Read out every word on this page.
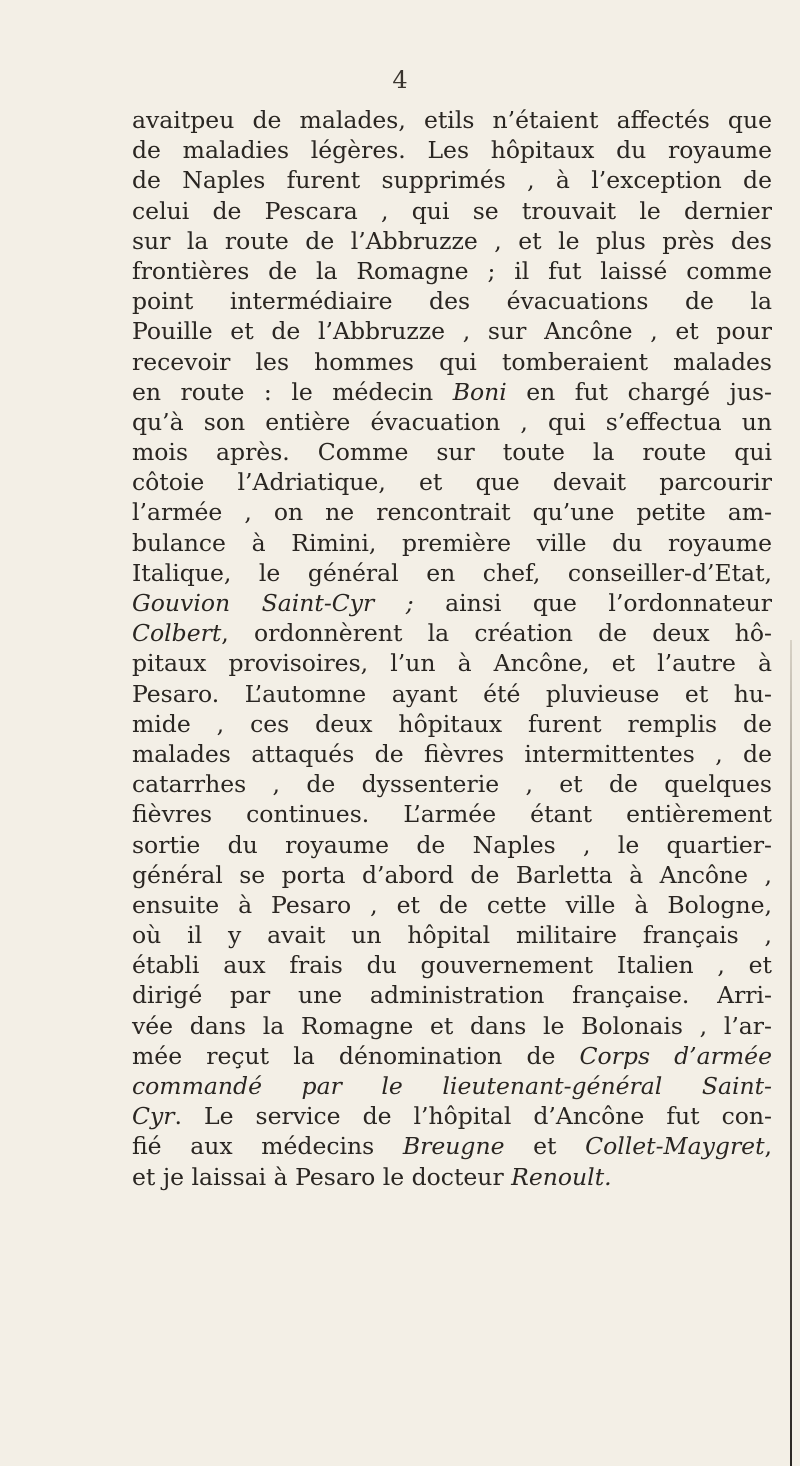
4
avaitpeu de malades, etils n’étaient affectés que
de maladies légères. Les hôpitaux du royaume
de Naples furent supprimés , à l’exception de
celui de Pescara , qui se trouvait le dernier
sur la route de l’Abbruzze , et le plus près des
frontières de la Romagne ; il fut laissé comme
point intermédiaire des évacuations de la
Pouille et de l’Abbruzze , sur Ancône , et pour
recevoir les hommes qui tomberaient malades
en route : le médecin Boni en fut chargé jus-
qu’à son entière évacuation , qui s’effectua un
mois après. Comme sur toute la route qui
côtoie l’Adriatique, et que devait parcourir
l’armée , on ne rencontrait qu’une petite am-
bulance à Rimini, première ville du royaume
Italique, le général en chef, conseiller-d’Etat,
Gouvion Saint-Cyr ; ainsi que l’ordonnateur
Colbert, ordonnèrent la création de deux hô-
pitaux provisoires, l’un à Ancône, et l’autre à
Pesaro. L’automne ayant été pluvieuse et hu-
mide , ces deux hôpitaux furent remplis de
malades attaqués de fièvres intermittentes , de
catarrhes , de dyssenterie , et de quelques
fièvres continues. L’armée étant entièrement
sortie du royaume de Naples , le quartier-
général se porta d’abord de Barletta à Ancône ,
ensuite à Pesaro , et de cette ville à Bologne,
où il y avait un hôpital militaire français ,
établi aux frais du gouvernement Italien , et
dirigé par une administration française. Arri-
vée dans la Romagne et dans le Bolonais , l’ar-
mée reçut la dénomination de Corps d’armée
commandé par le lieutenant-général Saint-
Cyr. Le service de l’hôpital d’Ancône fut con-
fié aux médecins Breugne et Collet-Maygret,
et je laissai à Pesaro le docteur Renoult.
